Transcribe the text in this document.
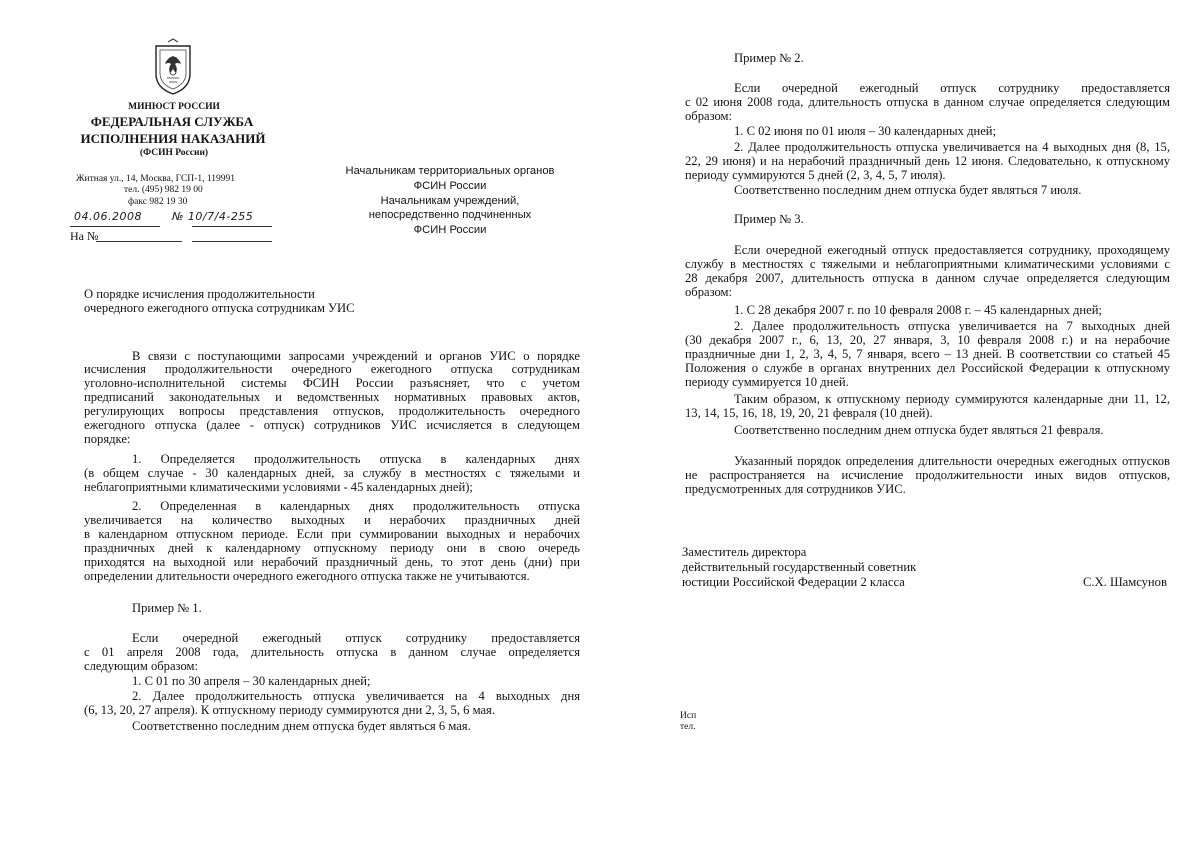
МИНЮСТ РОССИИ
ФЕДЕРАЛЬНАЯ СЛУЖБА
ИСПОЛНЕНИЯ НАКАЗАНИЙ
(ФСИН России)
Житная ул., 14, Москва, ГСП-1, 119991
тел. (495) 982 19 00
факс 982 19 30
04.06.2008	№ 10/7/4-255
На №
Начальникам территориальных органов
ФСИН России
Начальникам учреждений,
непосредственно подчиненных
ФСИН России
О порядке исчисления продолжительности
очередного ежегодного отпуска сотрудникам УИС
В связи с поступающими запросами учреждений и органов УИС о порядке
исчисления продолжительности очередного ежегодного отпуска сотрудникам
уголовно-исполнительной системы ФСИН России разъясняет, что с учетом
предписаний законодательных и ведомственных нормативных правовых актов,
регулирующих вопросы представления отпусков, продолжительность очередного
ежегодного отпуска (далее - отпуск) сотрудников УИС исчисляется в следующем
порядке:
1. Определяется продолжительность отпуска в календарных днях
(в общем случае - 30 календарных дней, за службу в местностях с тяжелыми и
неблагоприятными климатическими условиями - 45 календарных дней);
2. Определенная в календарных днях продолжительность отпуска
увеличивается на количество выходных и нерабочих праздничных дней
в календарном отпускном периоде. Если при суммировании выходных и нерабочих
праздничных дней к календарному отпускному периоду они в свою очередь
приходятся на выходной или нерабочий праздничный день, то этот день (дни) при
определении длительности очередного ежегодного отпуска также не учитываются.
Пример № 1.
Если очередной ежегодный отпуск сотруднику предоставляется
с 01 апреля 2008 года, длительность отпуска в данном случае определяется
следующим образом:
1. С 01 по 30 апреля – 30 календарных дней;
2. Далее продолжительность отпуска увеличивается на 4 выходных дня
(6, 13, 20, 27 апреля). К отпускному периоду суммируются дни 2, 3, 5, 6 мая.
Соответственно последним днем отпуска будет являться 6 мая.
Пример № 2.
Если очередной ежегодный отпуск сотруднику предоставляется
с 02 июня 2008 года, длительность отпуска в данном случае определяется следующим
образом:
1. С 02 июня по 01 июля – 30 календарных дней;
2. Далее продолжительность отпуска увеличивается на 4 выходных дня (8, 15,
22, 29 июня) и на нерабочий праздничный день 12 июня. Следовательно, к отпускному
периоду суммируются 5 дней (2, 3, 4, 5, 7 июля).
Соответственно последним днем отпуска будет являться 7 июля.
Пример № 3.
Если очередной ежегодный отпуск предоставляется сотруднику, проходящему
службу в местностях с тяжелыми и неблагоприятными климатическими условиями с
28 декабря 2007, длительность отпуска в данном случае определяется следующим
образом:
1. С 28 декабря 2007 г. по 10 февраля 2008 г. – 45 календарных дней;
2. Далее продолжительность отпуска увеличивается на 7 выходных дней
(30 декабря 2007 г., 6, 13, 20, 27 января, 3, 10 февраля 2008 г.) и на нерабочие
праздничные дни 1, 2, 3, 4, 5, 7 января, всего – 13 дней. В соответствии со статьей 45
Положения о службе в органах внутренних дел Российской Федерации к отпускному
периоду суммируется 10 дней.
Таким образом, к отпускному периоду суммируются календарные дни 11, 12,
13, 14, 15, 16, 18, 19, 20, 21 февраля (10 дней).
Соответственно последним днем отпуска будет являться 21 февраля.
Указанный порядок определения длительности очередных ежегодных отпусков
не распространяется на исчисление продолжительности иных видов отпусков,
предусмотренных для сотрудников УИС.
Заместитель директора
действительный государственный советник
юстиции Российской Федерации 2 класса	С.Х. Шамсунов
Исп
тел.
